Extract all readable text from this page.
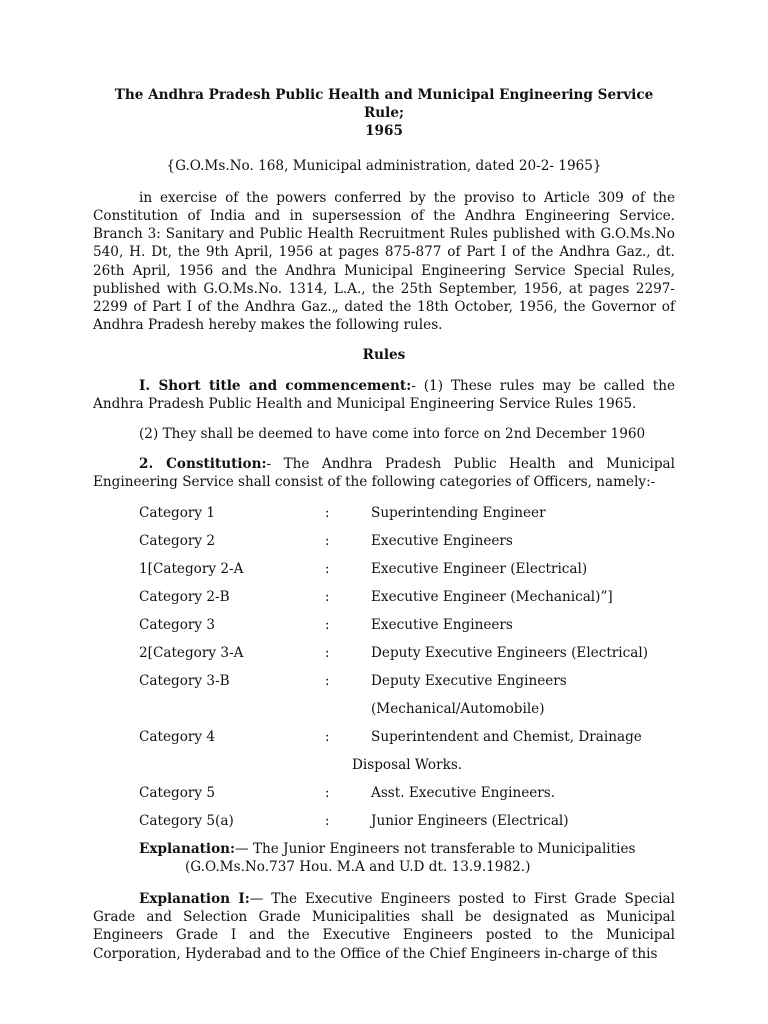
The Andhra Pradesh Public Health and Municipal Engineering Service Rule;
1965

{G.O.Ms.No. 168, Municipal administration, dated 20-2- 1965}

in exercise of the powers conferred by the proviso to Article 309 of the Constitution of India and in supersession of the Andhra Engineering Service. Branch 3: Sanitary and Public Health Recruitment Rules published with G.O.Ms.No 540, H. Dt, the 9th April, 1956 at pages 875-877 of Part I of the Andhra Gaz., dt. 26th April, 1956 and the Andhra Municipal Engineering Service Special Rules, published with G.O.Ms.No. 1314, L.A., the 25th September, 1956, at pages 2297-2299 of Part I of the Andhra Gaz.„ dated the 18th October, 1956, the Governor of Andhra Pradesh hereby makes the following rules.

Rules

I. Short title and commencement:- (1) These rules may be called the Andhra Pradesh Public Health and Municipal Engineering Service Rules 1965.

(2) They shall be deemed to have come into force on 2nd December 1960

2. Constitution:- The Andhra Pradesh Public Health and Municipal Engineering Service shall consist of the following categories of Officers, namely:-

Category 1	:	Superintending Engineer
Category 2	:	Executive Engineers
1[Category 2-A	:	Executive Engineer (Electrical)
Category 2-B	:	Executive Engineer (Mechanical)”]
Category 3	:	Executive Engineers
2[Category 3-A	:	Deputy Executive Engineers (Electrical)
Category 3-B	:	Deputy Executive Engineers
(Mechanical/Automobile)
Category 4	:	Superintendent and Chemist, Drainage
Disposal Works.
Category 5	:	Asst. Executive Engineers.
Category 5(a)	:	Junior Engineers (Electrical)

Explanation:— The Junior Engineers not transferable to Municipalities

(G.O.Ms.No.737 Hou. M.A and U.D dt. 13.9.1982.)

Explanation I:— The Executive Engineers posted to First Grade Special Grade and Selection Grade Municipalities shall be designated as Municipal Engineers Grade I and the Executive Engineers posted to the Municipal Corporation, Hyderabad and to the Office of the Chief Engineers in-charge of this
